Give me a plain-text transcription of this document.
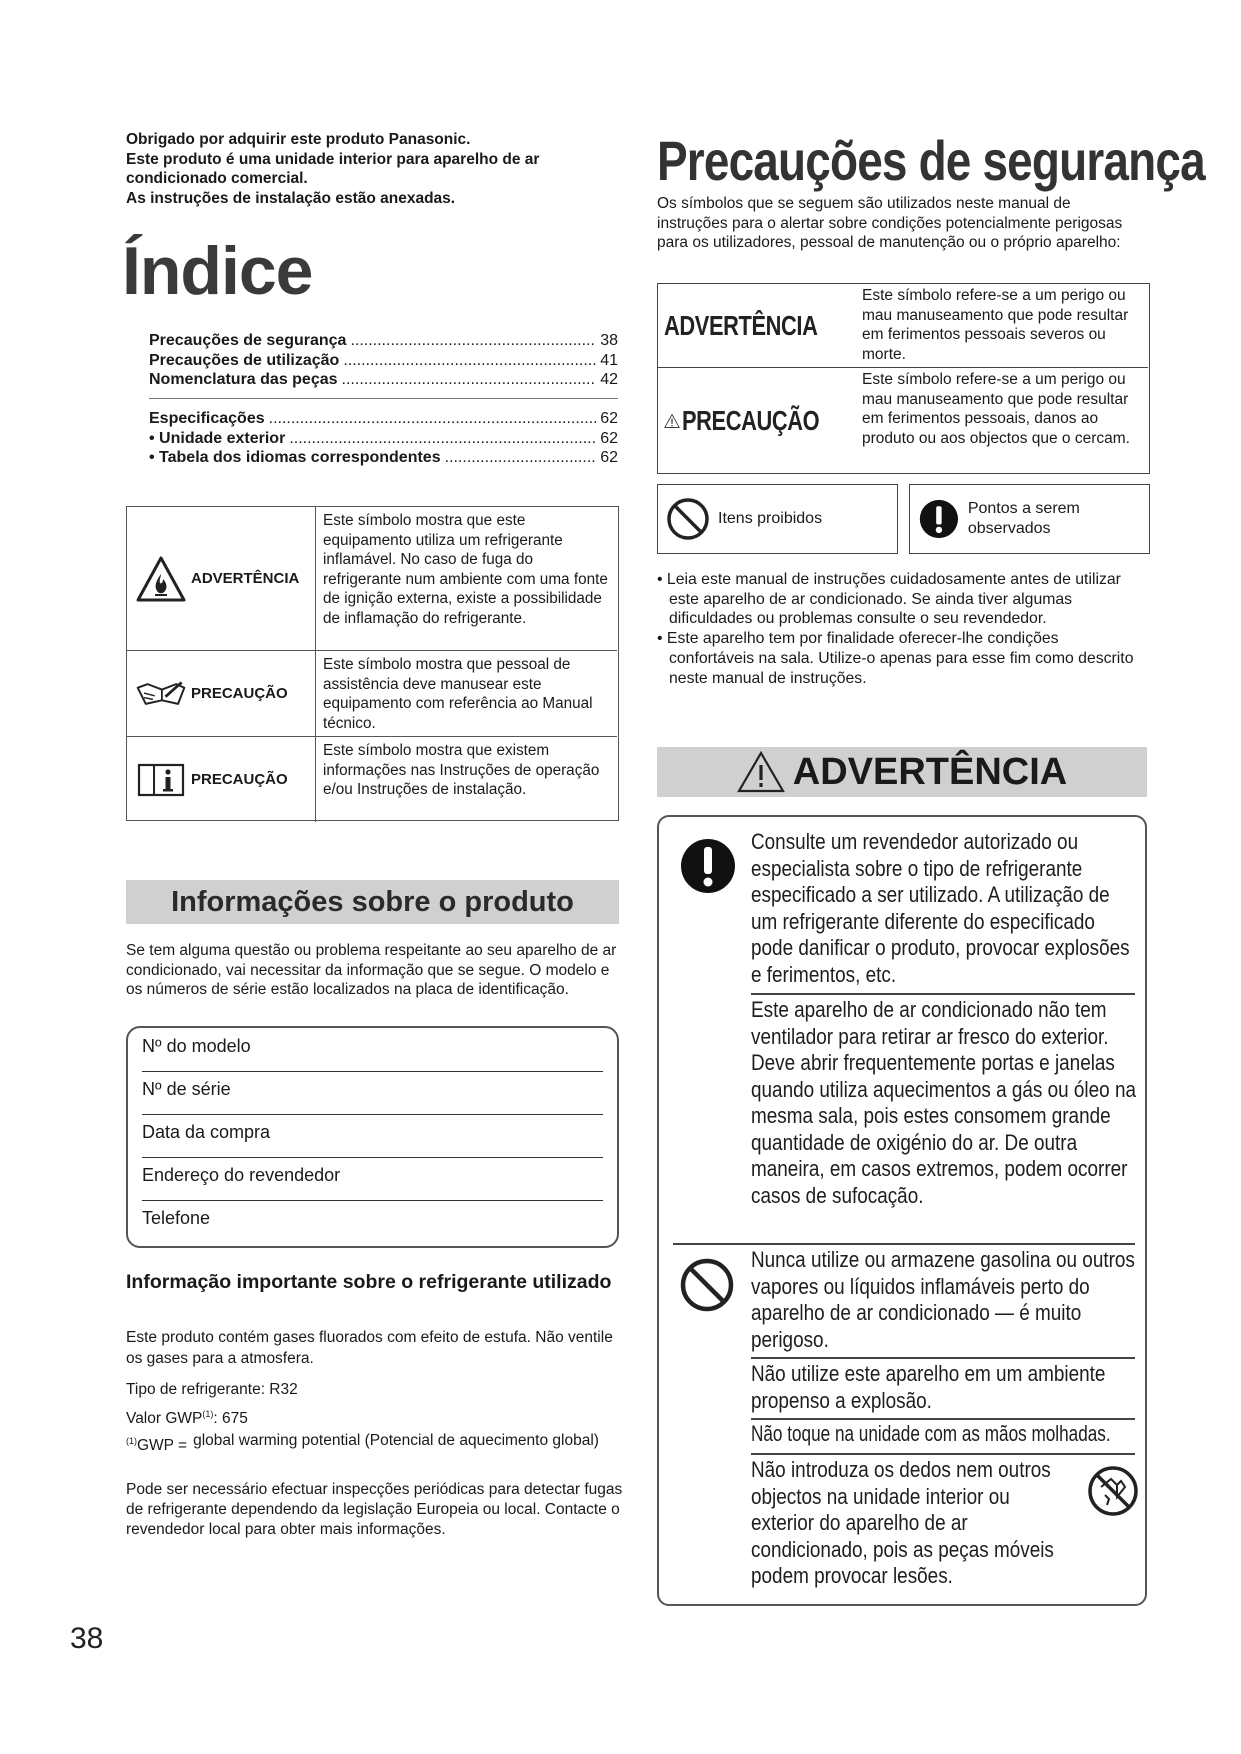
Obrigado por adquirir este produto Panasonic.
Este produto é uma unidade interior para aparelho de ar condicionado comercial.
As instruções de instalação estão anexadas.
Índice
Precauções de segurança .....	38
Precauções de utilização .....	41
Nomenclatura das peças .....	42
Especificações .....	62
• Unidade exterior .....	62
• Tabela dos idiomas correspondentes .....	62
ADVERTÊNCIA
Este símbolo mostra que este equipamento utiliza um refrigerante inflamável. No caso de fuga do refrigerante num ambiente com uma fonte de ignição externa, existe a possibilidade de inflamação do refrigerante.
PRECAUÇÃO
Este símbolo mostra que pessoal de assistência deve manusear este equipamento com referência ao Manual técnico.
PRECAUÇÃO
Este símbolo mostra que existem informações nas Instruções de operação e/ou Instruções de instalação.
Informações sobre o produto
Se tem alguma questão ou problema respeitante ao seu aparelho de ar condicionado, vai necessitar da informação que se segue. O modelo e os números de série estão localizados na placa de identificação.
Nº do modelo
Nº de série
Data da compra
Endereço do revendedor
Telefone
Informação importante sobre o refrigerante utilizado
Este produto contém gases fluorados com efeito de estufa. Não ventile os gases para a atmosfera.
Tipo de refrigerante: R32
Valor GWP$^{(1)}$: 675
$^{(1)}$GWP = global warming potential (Potencial de aquecimento global)
Pode ser necessário efectuar inspecções periódicas para detectar fugas de refrigerante dependendo da legislação Europeia ou local. Contacte o revendedor local para obter mais informações.
38
Precauções de segurança
Os símbolos que se seguem são utilizados neste manual de instruções para o alertar sobre condições potencialmente perigosas para os utilizadores, pessoal de manutenção ou o próprio aparelho:
ADVERTÊNCIA
Este símbolo refere-se a um perigo ou mau manuseamento que pode resultar em ferimentos pessoais severos ou morte.
PRECAUÇÃO
Este símbolo refere-se a um perigo ou mau manuseamento que pode resultar em ferimentos pessoais, danos ao produto ou aos objectos que o cercam.
Itens proibidos
Pontos a serem observados
• Leia este manual de instruções cuidadosamente antes de utilizar este aparelho de ar condicionado. Se ainda tiver algumas dificuldades ou problemas consulte o seu revendedor.
• Este aparelho tem por finalidade oferecer-lhe condições confortáveis na sala. Utilize-o apenas para esse fim como descrito neste manual de instruções.
ADVERTÊNCIA
Consulte um revendedor autorizado ou especialista sobre o tipo de refrigerante especificado a ser utilizado. A utilização de um refrigerante diferente do especificado pode danificar o produto, provocar explosões e ferimentos, etc.
Este aparelho de ar condicionado não tem ventilador para retirar ar fresco do exterior. Deve abrir frequentemente portas e janelas quando utiliza aquecimentos a gás ou óleo na mesma sala, pois estes consomem grande quantidade de oxigénio do ar. De outra maneira, em casos extremos, podem ocorrer casos de sufocação.
Nunca utilize ou armazene gasolina ou outros vapores ou líquidos inflamáveis perto do aparelho de ar condicionado — é muito perigoso.
Não utilize este aparelho em um ambiente propenso a explosão.
Não toque na unidade com as mãos molhadas.
Não introduza os dedos nem outros objectos na unidade interior ou exterior do aparelho de ar condicionado, pois as peças móveis podem provocar lesões.
